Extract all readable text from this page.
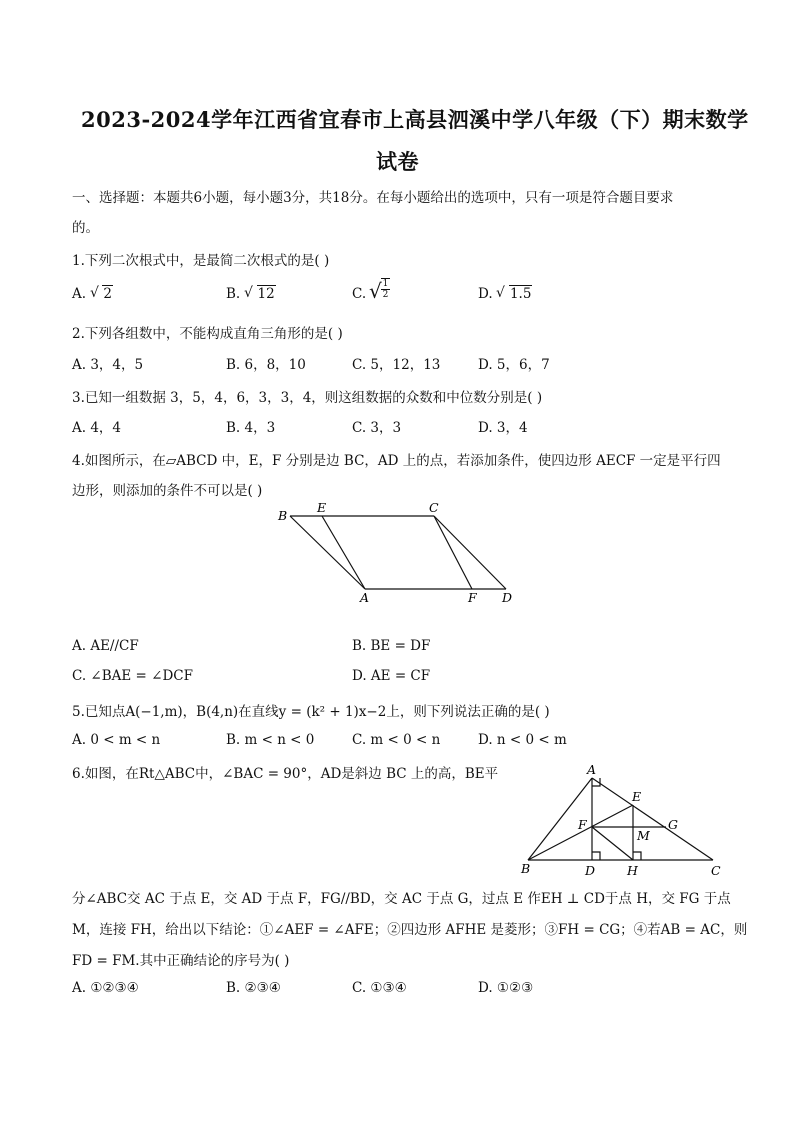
2023-2024学年江西省宜春市上高县泗溪中学八年级（下）期末数学
试卷
一、选择题：本题共6小题，每小题3分，共18分。在每小题给出的选项中，只有一项是符合题目要求
的。
1.下列二次根式中，是最简二次根式的是( )
A. 2
√	B. 12
√	C. √ $\frac{1}{2}$	D. 1.5
√
2.下列各组数中，不能构成直角三角形的是( )
A. 3，4，5	B. 6，8，10	C. 5，12，13	D. 5，6，7
3.已知一组数据 3，5，4，6，3，3，4，则这组数据的众数和中位数分别是( )
A. 4，4	B. 4，3	C. 3，3	D. 3，4
4.如图所示，在▱ABCD 中，E，F 分别是边 BC，AD 上的点，若添加条件，使四边形 AECF 一定是平行四
边形，则添加的条件不可以是( )
B
E	C
A	F D
A. AE//CF	B. BE = DF
C. ∠BAE = ∠DCF	D. AE = CF
5.已知点A(−1,m)，B(4,n)在直线y = (k² + 1)x−2上，则下列说法正确的是( )
A. 0 < m < n	B. m < n < 0	C. m < 0 < n	D. n < 0 < m
6.如图，在Rt△ABC中，∠BAC = 90°，AD是斜边 BC 上的高，BE平	A
E
F
M
G
B	D	H	C
分∠ABC交 AC 于点 E，交 AD 于点 F，FG//BD，交 AC 于点 G，过点 E 作EH ⊥ CD于点 H，交 FG 于点
M，连接 FH，给出以下结论：①∠AEF = ∠AFE；②四边形 AFHE 是菱形；③FH = CG；④若AB = AC，则
FD = FM.其中正确结论的序号为( )
A. ①②③④	B. ②③④	C. ①③④	D. ①②③
